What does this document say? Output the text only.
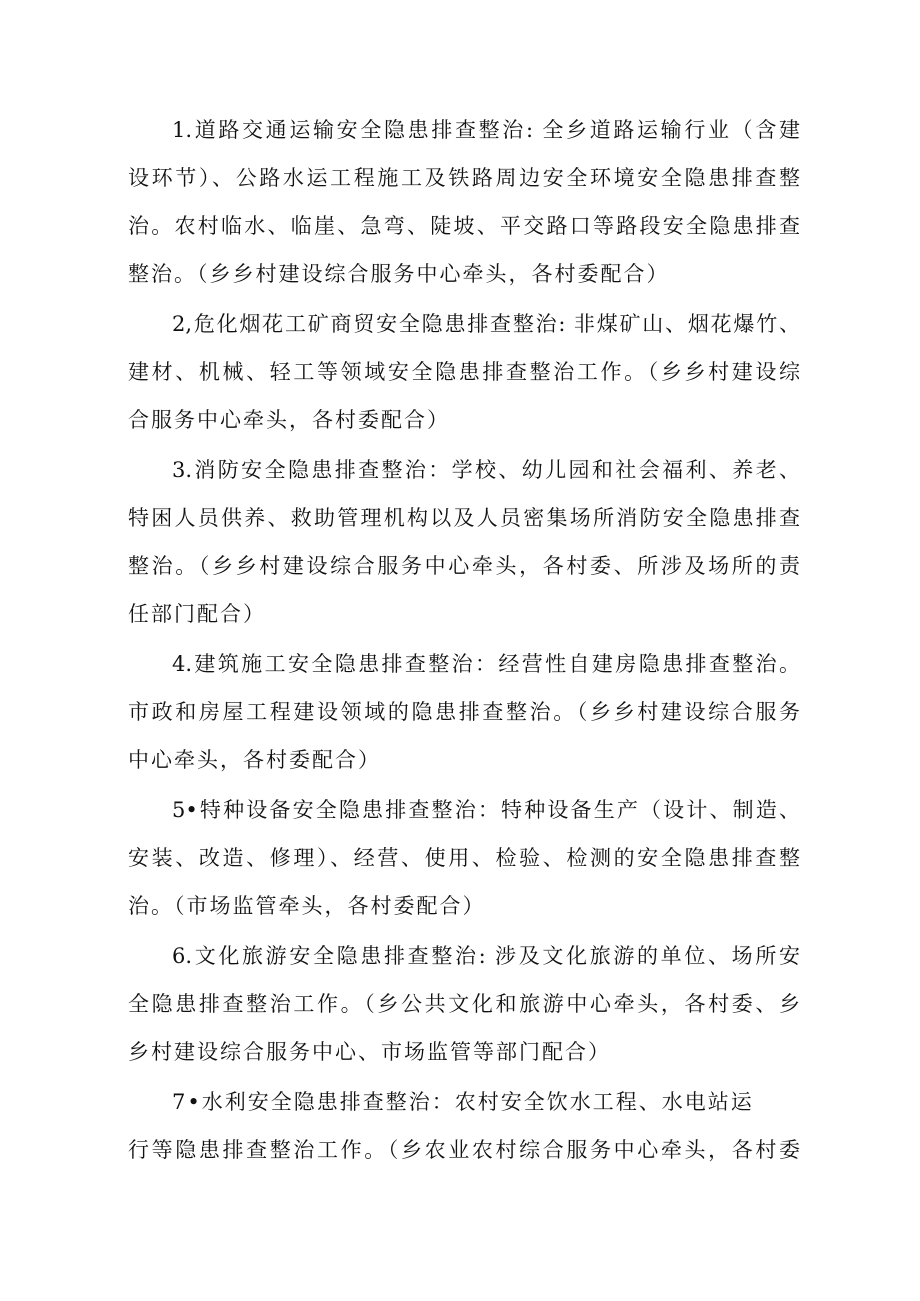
1.道路交通运输安全隐患排查整治: 全乡道路运输行业（含建
设环节）、公路水运工程施工及铁路周边安全环境安全隐患排查整
治。农村临水、临崖、急弯、陡坡、平交路口等路段安全隐患排查
整治。（乡乡村建设综合服务中心牵头，各村委配合）
2,危化烟花工矿商贸安全隐患排查整治: 非煤矿山、烟花爆竹、
建材、机械、轻工等领域安全隐患排查整治工作。（乡乡村建设综
合服务中心牵头，各村委配合）
3.消防安全隐患排查整治：学校、幼儿园和社会福利、养老、
特困人员供养、救助管理机构以及人员密集场所消防安全隐患排查
整治。（乡乡村建设综合服务中心牵头，各村委、所涉及场所的责
任部门配合）
4.建筑施工安全隐患排查整治：经营性自建房隐患排查整治。
市政和房屋工程建设领域的隐患排查整治。（乡乡村建设综合服务
中心牵头，各村委配合）
5•特种设备安全隐患排查整治：特种设备生产（设计、制造、
安装、改造、修理）、经营、使用、检验、检测的安全隐患排查整
治。（市场监管牵头，各村委配合）
6.文化旅游安全隐患排查整治: 涉及文化旅游的单位、场所安
全隐患排查整治工作。（乡公共文化和旅游中心牵头，各村委、乡
乡村建设综合服务中心、市场监管等部门配合）
7•水利安全隐患排查整治：农村安全饮水工程、水电站运
行等隐患排查整治工作。（乡农业农村综合服务中心牵头，各村委
